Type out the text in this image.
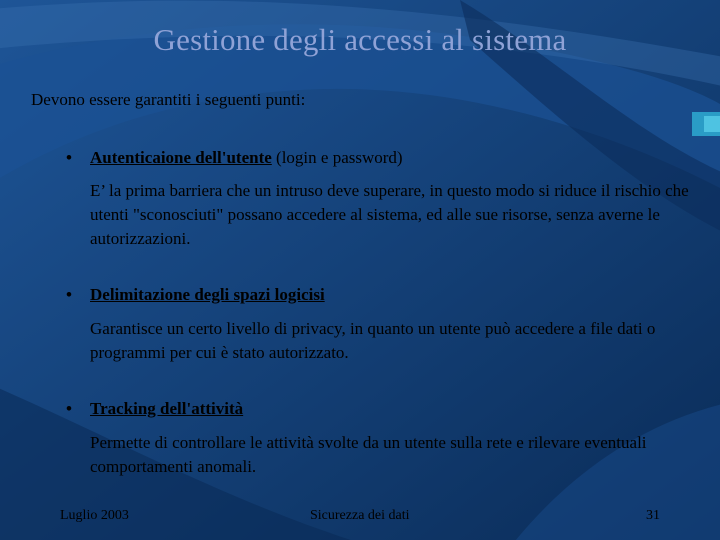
Gestione degli accessi al sistema
Devono essere garantiti i seguenti punti:
• Autenticaione dell'utente (login e password)
E’ la prima barriera che un intruso deve superare, in questo modo si riduce il rischio che utenti "sconosciuti" possano accedere al sistema, ed alle sue risorse, senza averne le autorizzazioni.
• Delimitazione degli spazi logicisi
Garantisce un certo livello di privacy, in quanto un utente può accedere a file dati o programmi per cui è stato autorizzato.
• Tracking dell'attività
Permette di controllare le attività svolte da un utente sulla rete e rilevare eventuali comportamenti anomali.
Luglio 2003	Sicurezza dei dati	31
